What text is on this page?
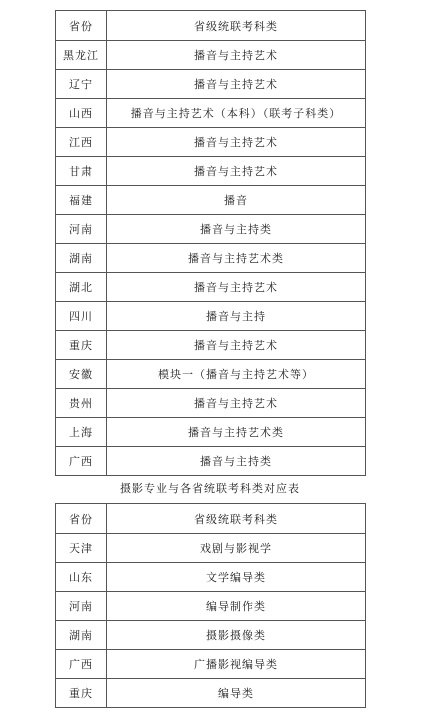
省份	省级统联考科类
黑龙江	播音与主持艺术
辽宁	播音与主持艺术
山西	播音与主持艺术（本科）（联考子科类）
江西	播音与主持艺术
甘肃	播音与主持艺术
福建	播音
河南	播音与主持类
湖南	播音与主持艺术类
湖北	播音与主持艺术
四川	播音与主持
重庆	播音与主持艺术
安徽	模块一（播音与主持艺术等）
贵州	播音与主持艺术
上海	播音与主持艺术类
广西	播音与主持类
摄影专业与各省统联考科类对应表
省份	省级统联考科类
天津	戏剧与影视学
山东	文学编导类
河南	编导制作类
湖南	摄影摄像类
广西	广播影视编导类
重庆	编导类
